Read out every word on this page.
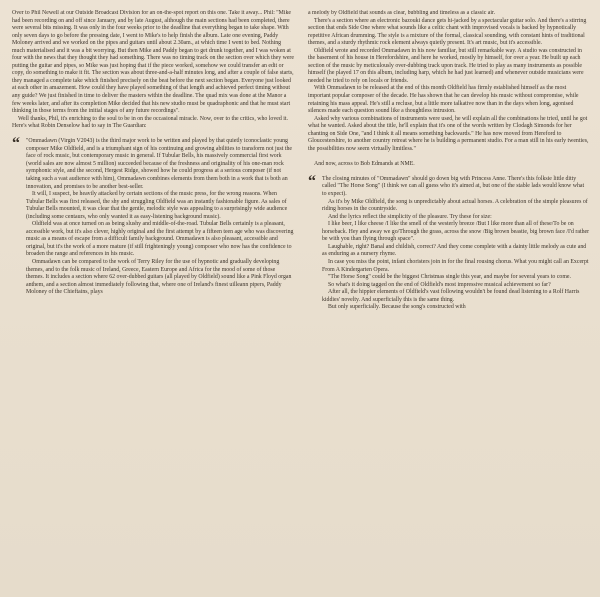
Over to Phil Newell at our Outside Broadcast Division for an on-the-spot report on this one. Take it away... Phil: "Mike had been recording on and off since January, and by late August, although the main sections had been completed, there were several bits missing. It was only in the four weeks prior to the deadline that everything began to take shape. With only seven days to go before the pressing date, I went to Mike's to help finish the album. Late one evening, Paddy Moloney arrived and we worked on the pipes and guitars until about 2.30am., at which time I went to bed. Nothing much materialised and it was a bit worrying. But then Mike and Paddy began to get drunk together, and I was woken at four with the news that they thought they had something. There was no timing track on the section over which they were putting the guitar and pipes, so Mike was just hoping that if the piece worked, somehow we could transfer an edit or copy, do something to make it fit. The section was about three-and-a-half minutes long, and after a couple of false starts, they managed a complete take which finished precisely on the beat before the next section began. Everyone just looked at each other in amazement. How could they have played something of that length and achieved perfect timing without any guide? We just finished in time to deliver the masters within the deadline. The quad mix was done at the Manor a few weeks later, and after its completion Mike decided that his new studio must be quadraphonic and that he must start thinking in those terms from the initial stages of any future recordings".

Well thanks, Phil, it's enriching to the soul to be in on the occasional miracle. Now, over to the critics, who loved it. Here's what Robin Denselow had to say in The Guardian:

“ "Ommadawn (Virgin V2043) is the third major work to be written and played by that quietly iconoclastic young composer Mike Oldfield, and is a triumphant sign of his continuing and growing abilities to transform not just the face of rock music, but contemporary music in general. If Tubular Bells, his massively commercial first work (world sales are now almost 5 million) succeeded because of the freshness and originality of his one-man rock symphonic style, and the second, Hergest Ridge, showed how he could progress at a serious composer (if not taking such a vast audience with him), Ommadawn combines elements from them both in a work that is both an innovation, and promises to be another best-seller.

It will, I suspect, be heavily attacked by certain sections of the music press, for the wrong reasons. When Tubular Bells was first released, the shy and struggling Oldfield was an instantly fashionable figure. As sales of Tubular Bells mounted, it was clear that the gentle, melodic style was appealing to a surprisingly wide audience (including some centaurs, who only wanted it as easy-listening background music).

Oldfield was at once turned on as being slushy and middle-of-the-road. Tubular Bells certainly is a pleasant, accessible work, but it's also clever, highly original and the first attempt by a fifteen teen age who was discovering music as a means of escape from a difficult family background. Ommadawn is also pleasant, accessible and original, but it's the work of a more mature (if still frighteningly young) composer who now has the confidence to broaden the range and references in his music.

Ommadawn can be compared to the work of Terry Riley for the use of hypnotic and gradually developing themes, and to the folk music of Ireland, Greece, Eastern Europe and Africa for the mood of some of those themes. It includes a section where 62 over-dubbed guitars (all played by Oldfield) sound like a Pink Floyd organ anthem, and a section almost immediately following that, where one of Ireland's finest uilleann pipers, Paddy Moloney of the Chieftains, plays

a melody by Oldfield that sounds as clear, bubbling and timeless as a classic air.

There's a section where an electronic bazouki dance gets hi-jacked by a spectacular guitar solo. And there's a stirring section that ends Side One where what sounds like a celtic chant with improvised vocals is backed by hypnotically repetitive African drumming. The style is a mixture of the formal, classical sounding, with constant hints of traditional themes, and a sturdy rhythmic rock element always quietly present. It's art music, but it's accessible.

Oldfield wrote and recorded Ommadawn in his now familiar, but still remarkable way. A studio was constructed in the basement of his house in Herefordshire, and here he worked, mostly by himself, for over a year. He built up each section of the music by meticulously over-dubbing track upon track. He tried to play as many instruments as possible himself (he played 17 on this album, including harp, which he had just learned) and whenever outside musicians were needed he tried to rely on locals or friends.

With Ommadawn to be released at the end of this month Oldfield has firmly established himself as the most important popular composer of the decade. He has shown that he can develop his music without compromise, while retaining his mass appeal. He's still a recluse, but a little more talkative now than in the days when long, agonised silences made each question sound like a thoughtless intrusion.

Asked why various combinations of instruments were used, he will explain all the combinations he tried, until he got what he wanted. Asked about the title, he'll explain that it's one of the words written by Clodagh Simonds for her chanting on Side One, "and I think it all means something backwards." He has now moved from Hereford to Gloucestershire, to another country retreat where he is building a permanent studio. For a man still in his early twenties, the possibilities now seem virtually limitless."

And now, across to Bob Edmands at NME.

“ The closing minutes of "Ommadawn" should go down big with Princess Anne. There's this folksie little ditty called "The Horse Song" (I think we can all guess who it's aimed at, but one of the stable lads would know what to expect).

As it's by Mike Oldfield, the song is unpredictably about actual horses. A celebration of the simple pleasures of riding horses in the countryside.

And the lyrics reflect the simplicity of the pleasure. Try these for size:

I like beer, I like cheese /I like the smell of the westerly breeze /But I like more than all of these/To be on horseback. Hey and away we go/Through the grass, across the snow /Big brown beastie, big brown face /I'd rather be with you than flying through space".

Laughable, right? Banal and childish, correct? And they come complete with a dainty little melody as cute and as enduring as a nursery rhyme.

In case you miss the point, infant choristers join in for the final rousing chorus. What you might call an Excerpt From A Kindergarten Opera.

"The Horse Song" could be the biggest Christmas single this year, and maybe for several years to come.

So what's it doing tagged on the end of Oldfield's most impressive musical achievement so far?

After all, the hippier elements of Oldfield's vast following wouldn't be found dead listening to a Rolf Harris kiddies' novelty. And superficially this is the same thing.

But only superficially. Because the song's constructed with
